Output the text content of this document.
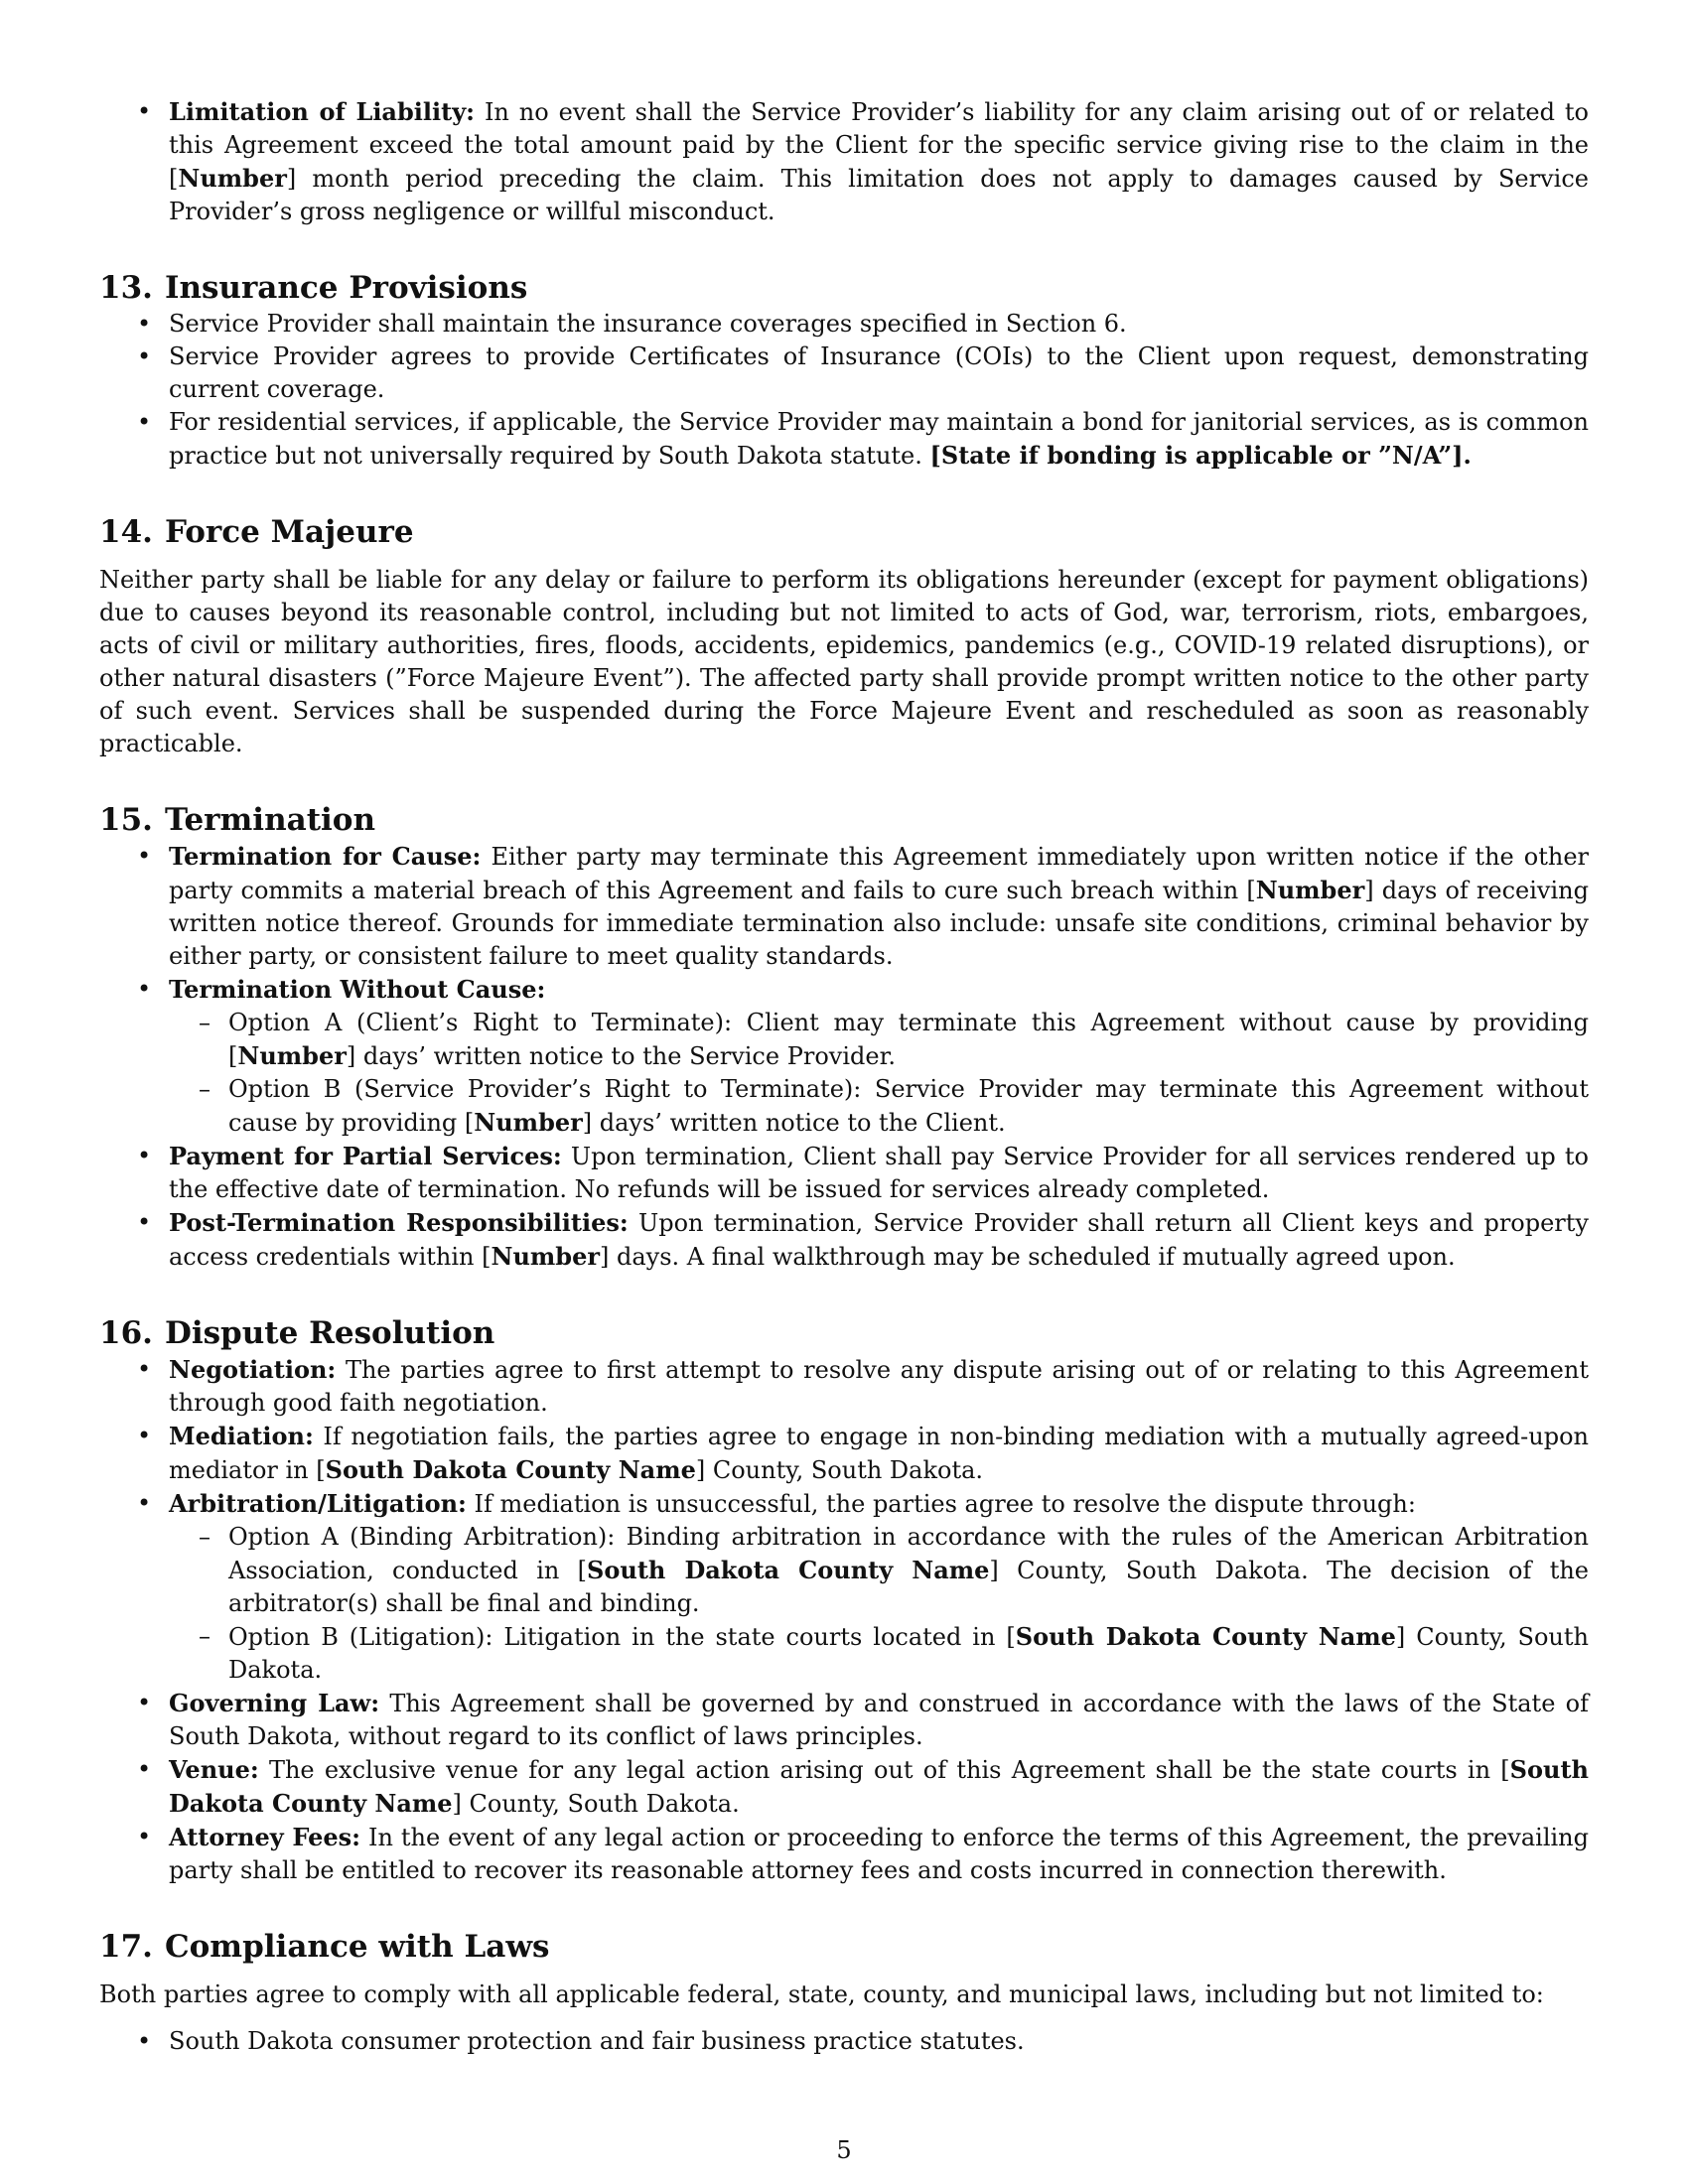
• Limitation of Liability: In no event shall the Service Provider’s liability for any claim arising out of or related to this Agreement exceed the total amount paid by the Client for the specific service giving rise to the claim in the [Number] month period preceding the claim. This limitation does not apply to damages caused by Service Provider’s gross negligence or willful misconduct.
13. Insurance Provisions
• Service Provider shall maintain the insurance coverages specified in Section 6.
• Service Provider agrees to provide Certificates of Insurance (COIs) to the Client upon request, demonstrating current coverage.
• For residential services, if applicable, the Service Provider may maintain a bond for janitorial services, as is common practice but not universally required by South Dakota statute. [State if bonding is applicable or ”N/A”].
14. Force Majeure

Neither party shall be liable for any delay or failure to perform its obligations hereunder (except for payment obligations) due to causes beyond its reasonable control, including but not limited to acts of God, war, terrorism, riots, embargoes, acts of civil or military authorities, fires, floods, accidents, epidemics, pandemics (e.g., COVID-19 related disruptions), or other natural disasters (”Force Majeure Event”). The affected party shall provide prompt written notice to the other party of such event. Services shall be suspended during the Force Majeure Event and rescheduled as soon as reasonably practicable.

15. Termination
• Termination for Cause: Either party may terminate this Agreement immediately upon written notice if the other party commits a material breach of this Agreement and fails to cure such breach within [Number] days of receiving written notice thereof. Grounds for immediate termination also include: unsafe site conditions, criminal behavior by either party, or consistent failure to meet quality standards.
• Termination Without Cause:
– Option A (Client’s Right to Terminate): Client may terminate this Agreement without cause by providing [Number] days’ written notice to the Service Provider.
– Option B (Service Provider’s Right to Terminate): Service Provider may terminate this Agreement without cause by providing [Number] days’ written notice to the Client.
• Payment for Partial Services: Upon termination, Client shall pay Service Provider for all services rendered up to the effective date of termination. No refunds will be issued for services already completed.
• Post-Termination Responsibilities: Upon termination, Service Provider shall return all Client keys and property access credentials within [Number] days. A final walkthrough may be scheduled if mutually agreed upon.
16. Dispute Resolution
• Negotiation: The parties agree to first attempt to resolve any dispute arising out of or relating to this Agreement through good faith negotiation.
• Mediation: If negotiation fails, the parties agree to engage in non-binding mediation with a mutually agreed-upon mediator in [South Dakota County Name] County, South Dakota.
• Arbitration/Litigation: If mediation is unsuccessful, the parties agree to resolve the dispute through:
– Option A (Binding Arbitration): Binding arbitration in accordance with the rules of the American Arbitration Association, conducted in [South Dakota County Name] County, South Dakota. The decision of the arbitrator(s) shall be final and binding.
– Option B (Litigation): Litigation in the state courts located in [South Dakota County Name] County, South Dakota.
• Governing Law: This Agreement shall be governed by and construed in accordance with the laws of the State of South Dakota, without regard to its conflict of laws principles.
• Venue: The exclusive venue for any legal action arising out of this Agreement shall be the state courts in [South Dakota County Name] County, South Dakota.
• Attorney Fees: In the event of any legal action or proceeding to enforce the terms of this Agreement, the prevailing party shall be entitled to recover its reasonable attorney fees and costs incurred in connection therewith.
17. Compliance with Laws

Both parties agree to comply with all applicable federal, state, county, and municipal laws, including but not limited to:

• South Dakota consumer protection and fair business practice statutes.
5
